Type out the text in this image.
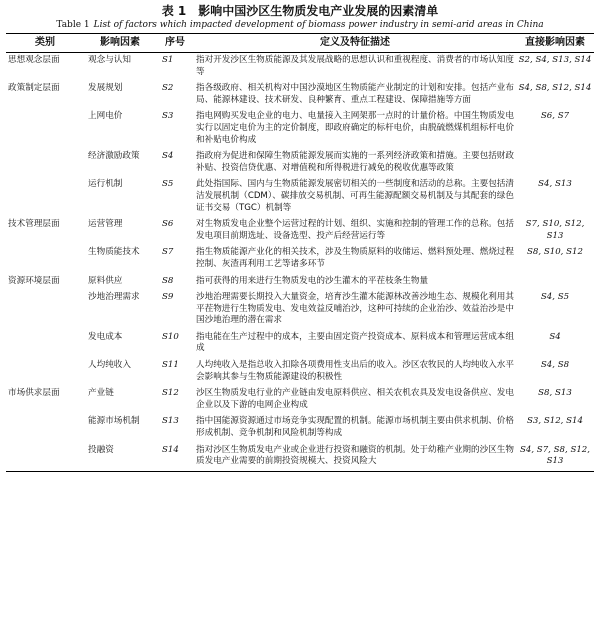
表 1　影响中国沙区生物质发电产业发展的因素清单
Table 1 List of factors which impacted development of biomass power industry in semi-arid areas in China
类别	影响因素	序号	定义及特征描述	直接影响因素
思想观念层面	观念与认知	S1	指对开发沙区生物质能源及其发展战略的思想认识和重视程度、消费者的市场认知度等	S2, S4, S13, S14
政策制定层面	发展规划	S2	指各级政府、相关机构对中国沙漠地区生物质能产业制定的计划和安排。包括产业布局、能源林建设、技术研发、良种繁育、重点工程建设、保障措施等方面	S4, S8, S12, S14
	上网电价	S3	指电网购买发电企业的电力、电量接入主网架那一点时的计量价格。中国生物质发电实行以固定电价为主的定价制度，即政府确定的标杆电价，由脱硫燃煤机组标杆电价和补贴电价构成	S6, S7
	经济激励政策	S4	指政府为促进和保障生物质能源发展而实施的一系列经济政策和措施。主要包括财政补贴、投资信贷优惠、对增值税和所得税进行减免的税收优惠等政策	
	运行机制	S5	此处指国际、国内与生物质能源发展密切相关的一些制度和活动的总称。主要包括清洁发展机制（CDM）、碳排放交易机制、可再生能源配额交易机制及与其配套的绿色证书交易（TGC）机制等	S4, S13
技术管理层面	运营管理	S6	对生物质发电企业整个运营过程的计划、组织、实施和控制的管理工作的总称。包括发电项目前期选址、设备选型、投产后经营运行等	S7, S10, S12, S13
	生物质能技术	S7	指生物质能源产业化的相关技术，涉及生物质原料的收储运、燃料预处理、燃烧过程控制、灰渣再利用工艺等诸多环节	S8, S10, S12
资源环境层面	原料供应	S8	指可获得的用来进行生物质发电的沙生灌木的平茬枝条生物量	
	沙地治理需求	S9	沙地治理需要长期投入大量资金，培育沙生灌木能源林改善沙地生态、规模化利用其平茬物进行生物质发电、发电效益反哺治沙，这种可持续的企业治沙、效益治沙是中国沙地治理的潜在需求	S4, S5
	发电成本	S10	指电能在生产过程中的成本，主要由固定资产投资成本、原料成本和管理运营成本组成	S4
	人均纯收入	S11	人均纯收入是指总收入扣除各项费用性支出后的收入。沙区农牧民的人均纯收入水平会影响其参与生物质能源建设的积极性	S4, S8
市场供求层面	产业链	S12	沙区生物质发电行业的产业链由发电原料供应、相关农机农具及发电设备供应、发电企业以及下游的电网企业构成	S8, S13
	能源市场机制	S13	指中国能源资源通过市场竞争实现配置的机制。能源市场机制主要由供求机制、价格形成机制、竞争机制和风险机制等构成	S3, S12, S14
	投融资	S14	指对沙区生物质发电产业或企业进行投资和融资的机制。处于幼稚产业期的沙区生物质发电产业需要的前期投资规模大、投资风险大	S4, S7, S8, S12, S13
